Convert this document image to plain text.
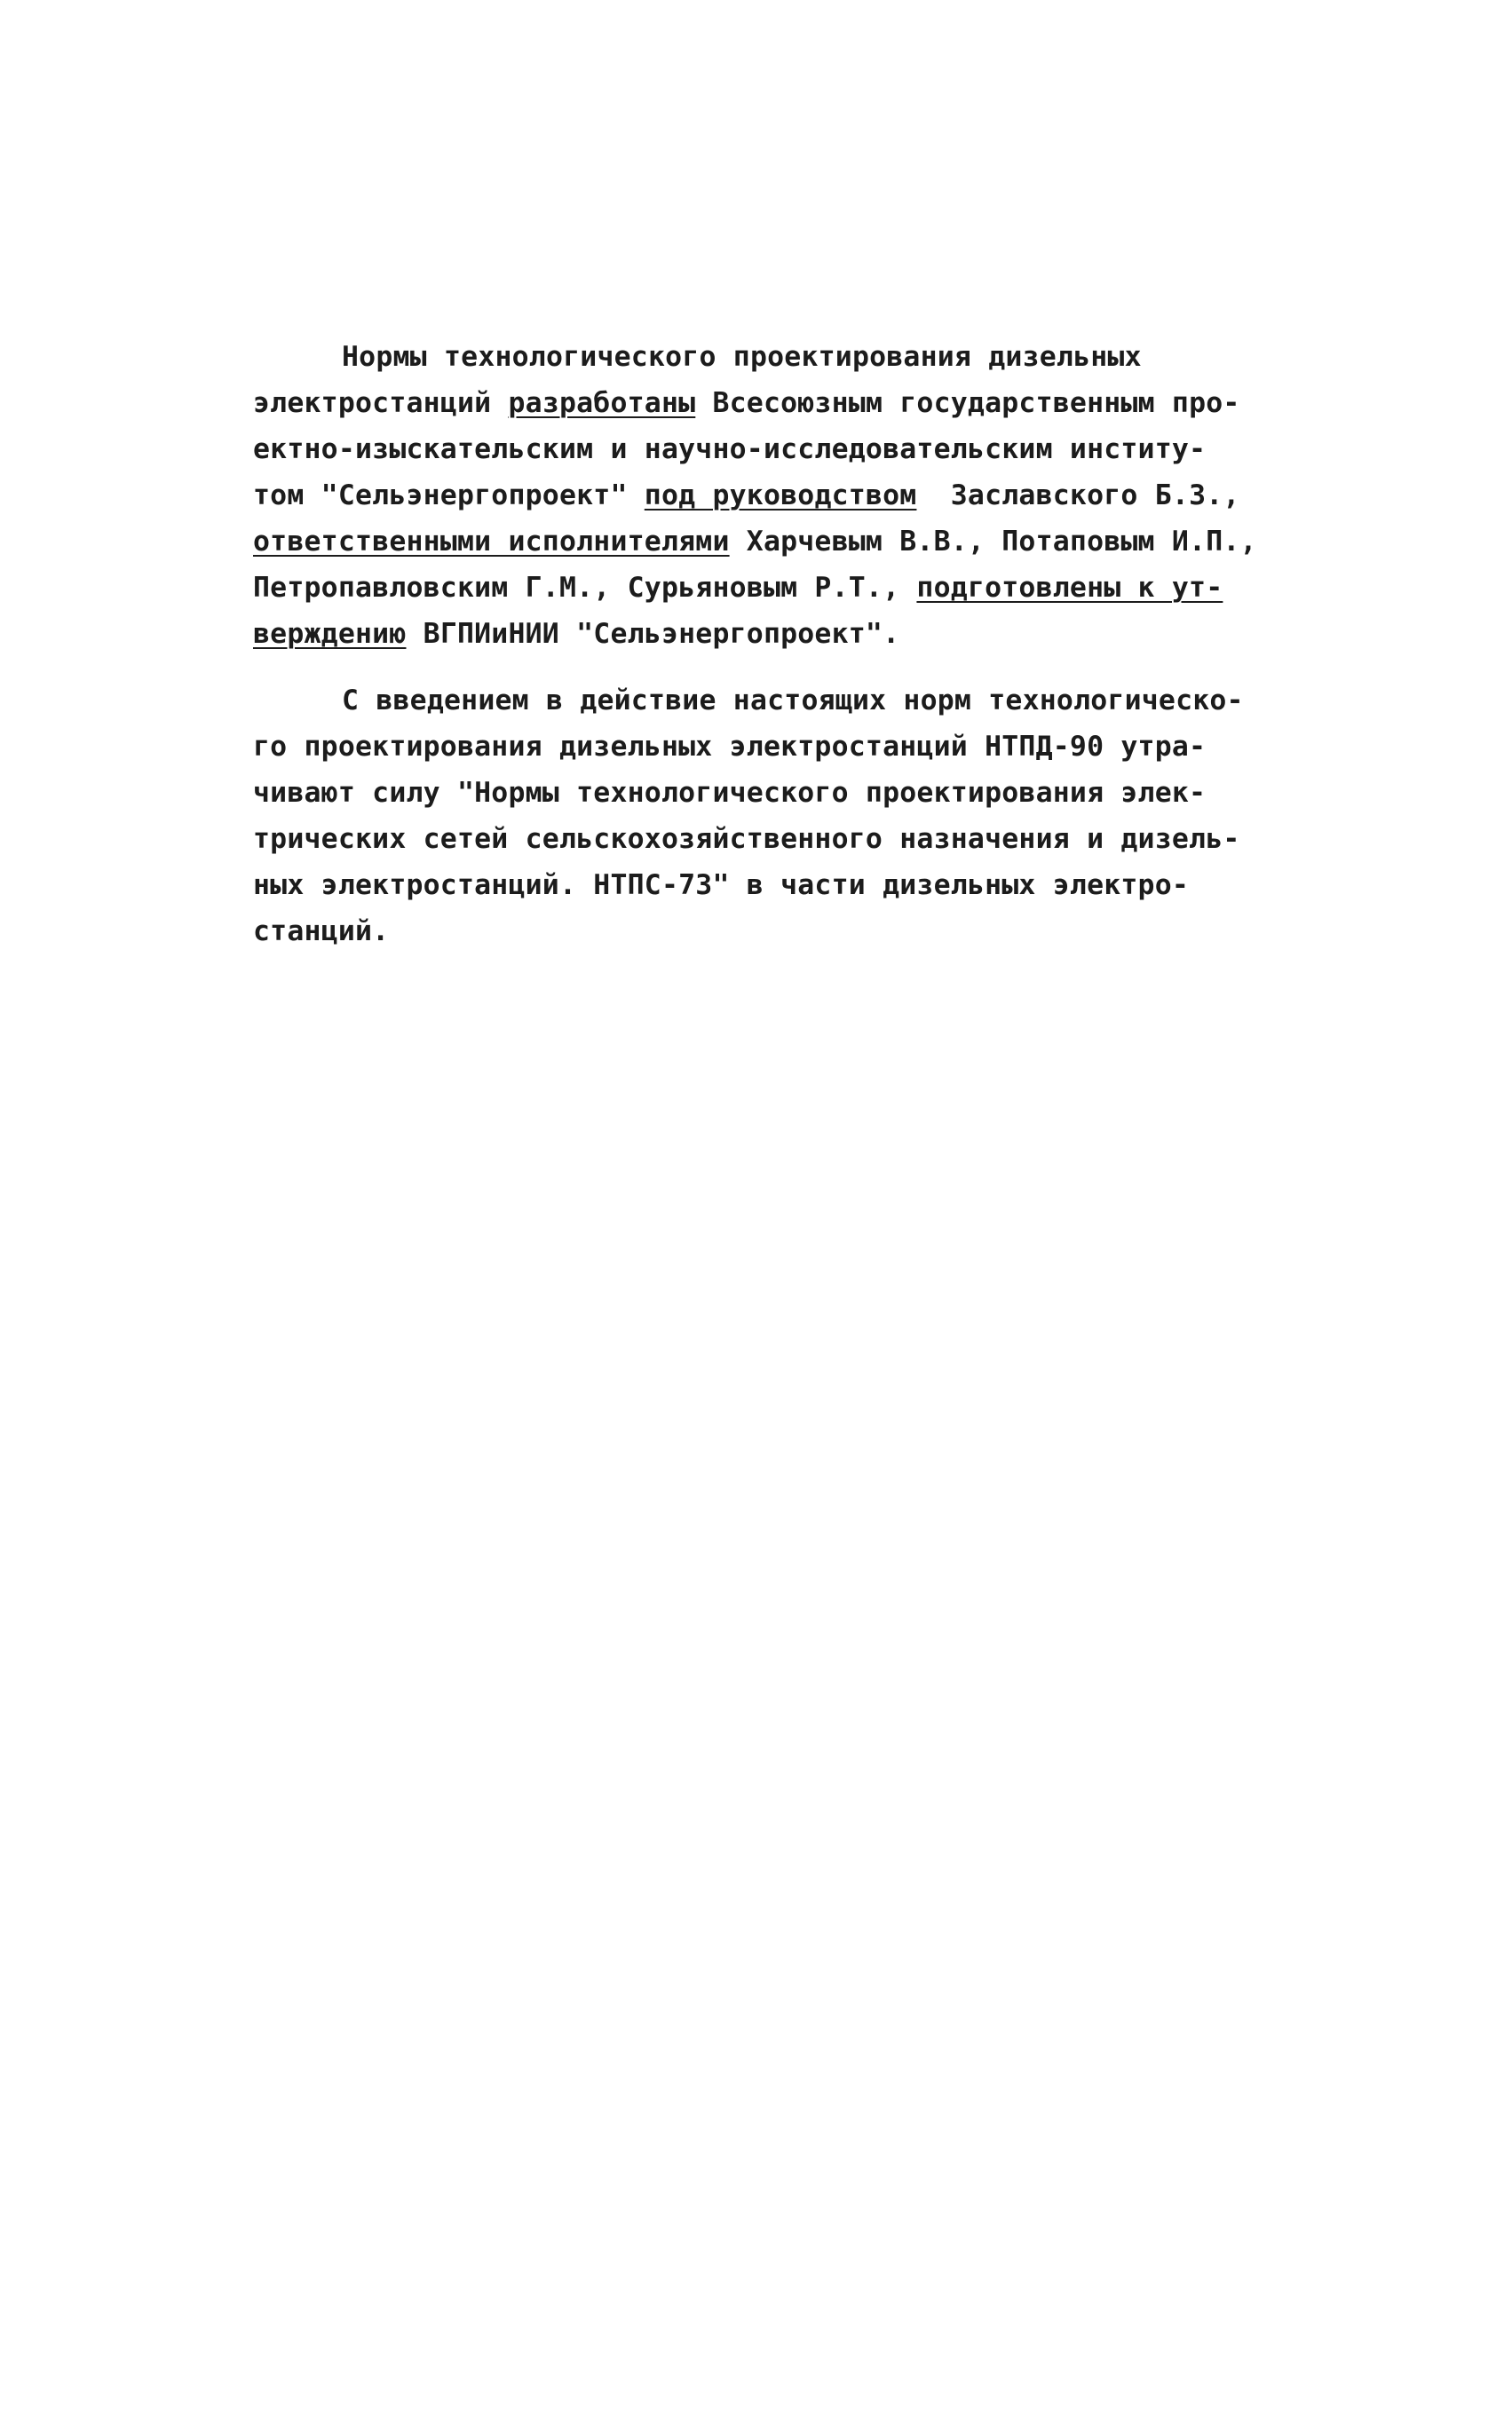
Нормы технологического проектирования дизельных
электростанций разработаны Всесоюзным государственным про-
ектно-изыскательским и научно-исследовательским институ-
том "Сельэнергопроект" под руководством  Заславского Б.З.,
ответственными исполнителями Харчевым В.В., Потаповым И.П.,
Петропавловским Г.М., Сурьяновым Р.Т., подготовлены к ут-
верждению ВГПИиНИИ "Сельэнергопроект".
С введением в действие настоящих норм технологическо-
го проектирования дизельных электростанций НТПД-90 утра-
чивают силу "Нормы технологического проектирования элек-
трических сетей сельскохозяйственного назначения и дизель-
ных электростанций. НТПС-73" в части дизельных электро-
станций.
